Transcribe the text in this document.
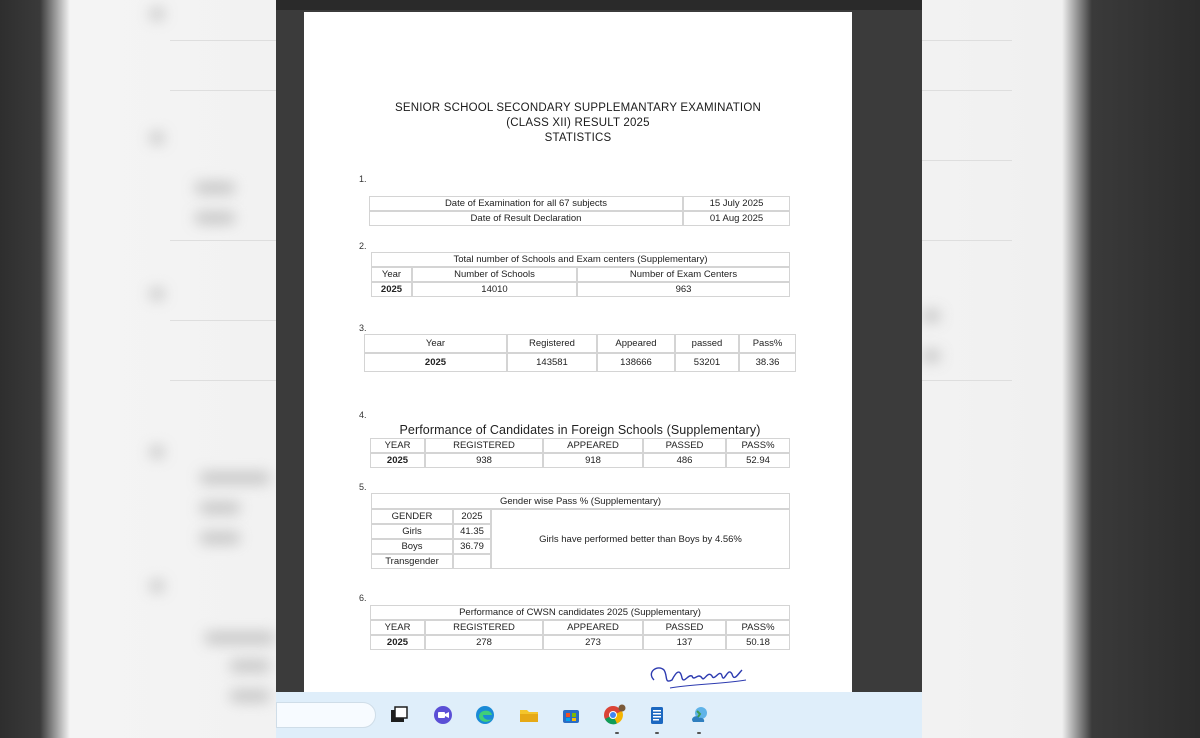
SENIOR SCHOOL SECONDARY SUPPLEMANTARY EXAMINATION
(CLASS XII) RESULT 2025
STATISTICS
1.
Date of Examination for all 67 subjects	15 July 2025
Date of Result Declaration	01 Aug 2025
2.
Total number of Schools and Exam centers (Supplementary)
Year	Number of Schools	Number of Exam Centers
2025	14010	963
3.
Year	Registered	Appeared	passed	Pass%
2025	143581	138666	53201	38.36
4.
Performance of Candidates in Foreign Schools (Supplementary)
YEAR	REGISTERED	APPEARED	PASSED	PASS%
2025	938	918	486	52.94
5.
Gender wise Pass % (Supplementary)
GENDER	2025
Girls	41.35
Boys	36.79
Transgender
Girls have performed better than Boys by 4.56%
6.
Performance of CWSN candidates 2025 (Supplementary)
YEAR	REGISTERED	APPEARED	PASSED	PASS%
2025	278	273	137	50.18
